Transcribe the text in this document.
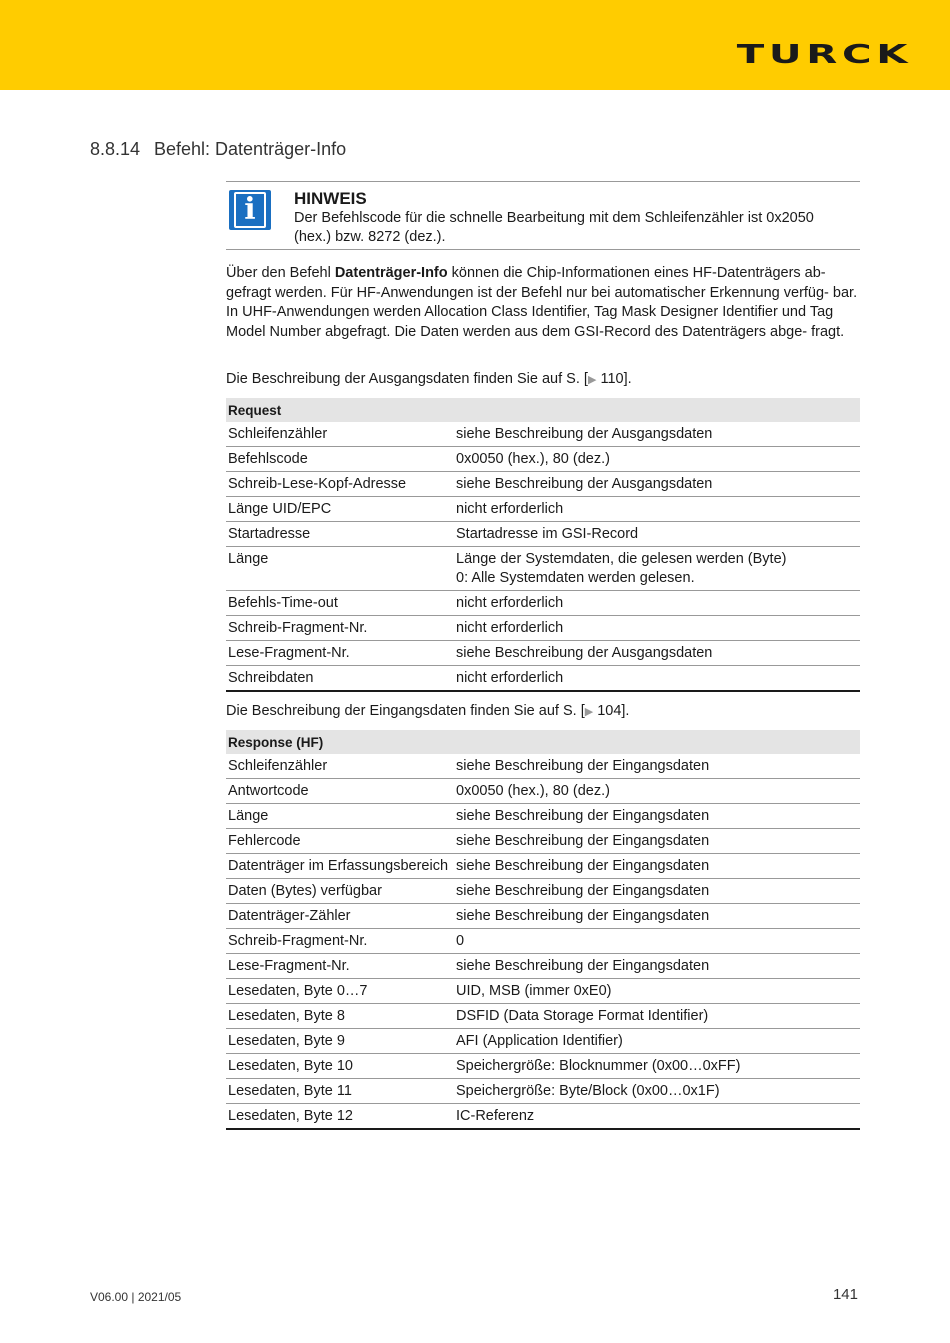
TURCK
8.8.14 Befehl: Datenträger-Info
i	HINWEIS
Der Befehlscode für die schnelle Bearbeitung mit dem Schleifenzähler ist 0x2050 (hex.) bzw. 8272 (dez.).
Über den Befehl Datenträger-Info können die Chip-Informationen eines HF-Datenträgers ab- gefragt werden. Für HF-Anwendungen ist der Befehl nur bei automatischer Erkennung verfüg- bar. In UHF-Anwendungen werden Allocation Class Identifier, Tag Mask Designer Identifier und Tag Model Number abgefragt. Die Daten werden aus dem GSI-Record des Datenträgers abge- fragt.
Die Beschreibung der Ausgangsdaten finden Sie auf S. [▶ 110].
Request	
Schleifenzähler	siehe Beschreibung der Ausgangsdaten
Befehlscode	0x0050 (hex.), 80 (dez.)
Schreib-Lese-Kopf-Adresse	siehe Beschreibung der Ausgangsdaten
Länge UID/EPC	nicht erforderlich
Startadresse	Startadresse im GSI-Record
Länge	Länge der Systemdaten, die gelesen werden (Byte)
0: Alle Systemdaten werden gelesen.
Befehls-Time-out	nicht erforderlich
Schreib-Fragment-Nr.	nicht erforderlich
Lese-Fragment-Nr.	siehe Beschreibung der Ausgangsdaten
Schreibdaten	nicht erforderlich
Die Beschreibung der Eingangsdaten finden Sie auf S. [▶ 104].
Response (HF)	
Schleifenzähler	siehe Beschreibung der Eingangsdaten
Antwortcode	0x0050 (hex.), 80 (dez.)
Länge	siehe Beschreibung der Eingangsdaten
Fehlercode	siehe Beschreibung der Eingangsdaten
Datenträger im Erfassungsbereich	siehe Beschreibung der Eingangsdaten
Daten (Bytes) verfügbar	siehe Beschreibung der Eingangsdaten
Datenträger-Zähler	siehe Beschreibung der Eingangsdaten
Schreib-Fragment-Nr.	0
Lese-Fragment-Nr.	siehe Beschreibung der Eingangsdaten
Lesedaten, Byte 0…7	UID, MSB (immer 0xE0)
Lesedaten, Byte 8	DSFID (Data Storage Format Identifier)
Lesedaten, Byte 9	AFI (Application Identifier)
Lesedaten, Byte 10	Speichergröße: Blocknummer (0x00…0xFF)
Lesedaten, Byte 11	Speichergröße: Byte/Block (0x00…0x1F)
Lesedaten, Byte 12	IC-Referenz
V06.00 | 2021/05	141
